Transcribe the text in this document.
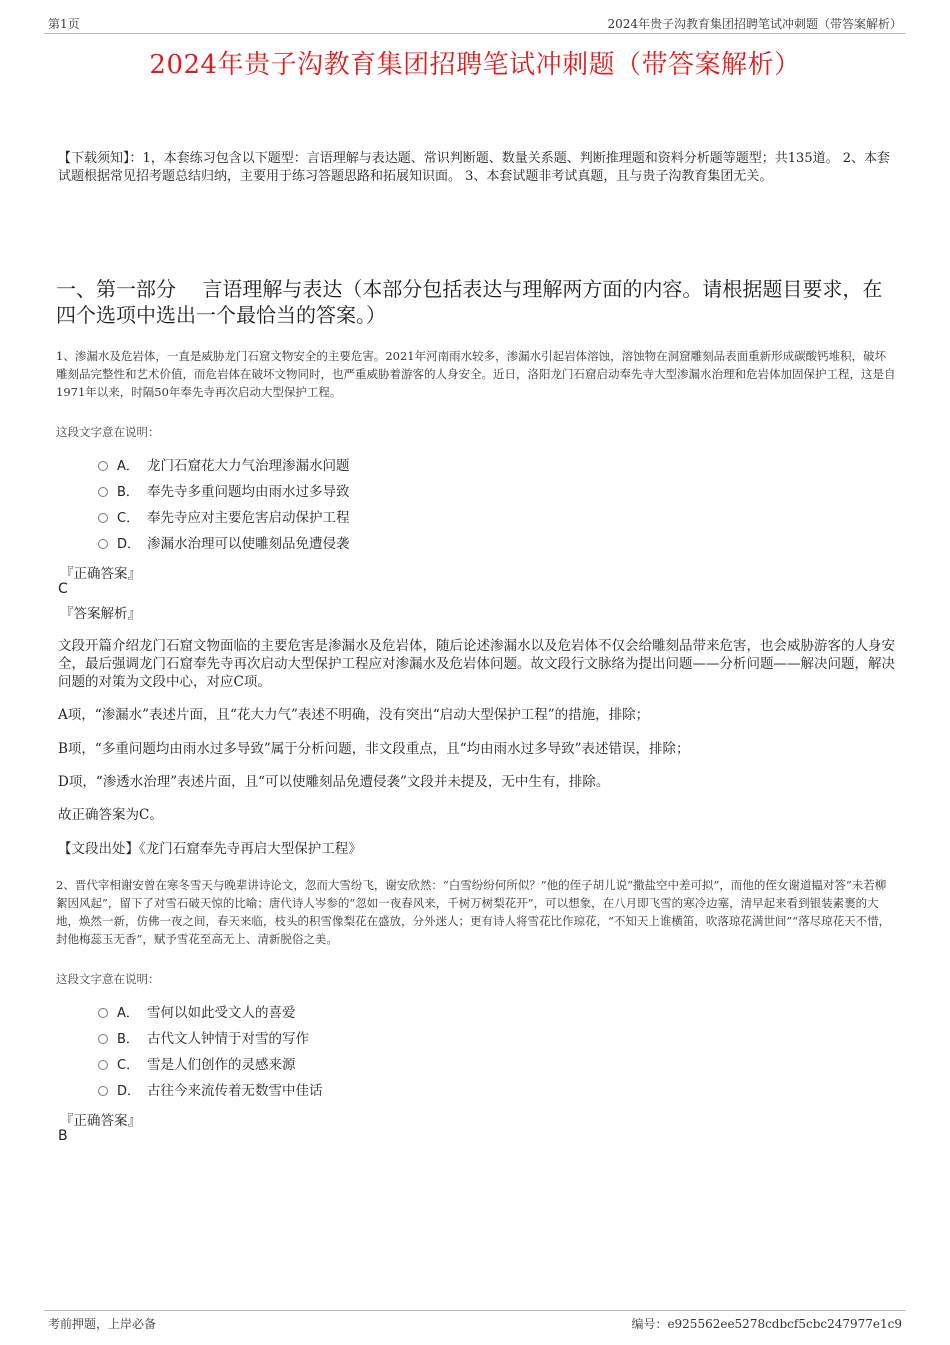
第1页	2024年贵子沟教育集团招聘笔试冲刺题（带答案解析）
2024年贵子沟教育集团招聘笔试冲刺题（带答案解析）
【下载须知】：1，本套练习包含以下题型：言语理解与表达题、常识判断题、数量关系题、判断推理题和资料分析题等题型；共135道。 2、本套试题根据常见招考题总结归纳，主要用于练习答题思路和拓展知识面。 3、本套试题非考试真题，且与贵子沟教育集团无关。
一、第一部分　 言语理解与表达（本部分包括表达与理解两方面的内容。请根据题目要求，在四个选项中选出一个最恰当的答案。）
1、渗漏水及危岩体，一直是威胁龙门石窟文物安全的主要危害。2021年河南雨水较多，渗漏水引起岩体溶蚀，溶蚀物在洞窟雕刻品表面重新形成碳酸钙堆积，破坏雕刻品完整性和艺术价值，而危岩体在破坏文物同时，也严重威胁着游客的人身安全。近日，洛阳龙门石窟启动奉先寺大型渗漏水治理和危岩体加固保护工程，这是自1971年以来，时隔50年奉先寺再次启动大型保护工程。
这段文字意在说明：
A． 龙门石窟花大力气治理渗漏水问题
B． 奉先寺多重问题均由雨水过多导致
C． 奉先寺应对主要危害启动保护工程
D． 渗漏水治理可以使雕刻品免遭侵袭
『正确答案』
C
『答案解析』
文段开篇介绍龙门石窟文物面临的主要危害是渗漏水及危岩体，随后论述渗漏水以及危岩体不仅会给雕刻品带来危害，也会威胁游客的人身安全，最后强调龙门石窟奉先寺再次启动大型保护工程应对渗漏水及危岩体问题。故文段行文脉络为提出问题——分析问题——解决问题，解决问题的对策为文段中心，对应C项。
A项，“渗漏水”表述片面，且“花大力气”表述不明确，没有突出“启动大型保护工程”的措施，排除；
B项，“多重问题均由雨水过多导致”属于分析问题，非文段重点，且“均由雨水过多导致”表述错误，排除；
D项，“渗透水治理”表述片面，且“可以使雕刻品免遭侵袭”文段并未提及，无中生有，排除。
故正确答案为C。
【文段出处】《龙门石窟奉先寺再启大型保护工程》
2、晋代宰相谢安曾在寒冬雪天与晚辈讲诗论文，忽而大雪纷飞，谢安欣然：“白雪纷纷何所似？”他的侄子胡儿说“撒盐空中差可拟”，而他的侄女谢道韫对答“未若柳絮因风起”，留下了对雪石破天惊的比喻；唐代诗人岑参的“忽如一夜春风来，千树万树梨花开”，可以想象，在八月即飞雪的寒冷边塞，清早起来看到银装素裹的大地，焕然一新，仿佛一夜之间，春天来临，枝头的积雪像梨花在盛放，分外迷人；更有诗人将雪花比作琼花，“不知天上谁横笛，吹落琼花满世间”“落尽琼花天不惜，封他梅蕊玉无香”，赋予雪花至高无上、清新脱俗之美。
这段文字意在说明：
A． 雪何以如此受文人的喜爱
B． 古代文人钟情于对雪的写作
C． 雪是人们创作的灵感来源
D． 古往今来流传着无数雪中佳话
『正确答案』
B
考前押题，上岸必备	编号：e925562ee5278cdbcf5cbc247977e1c9
